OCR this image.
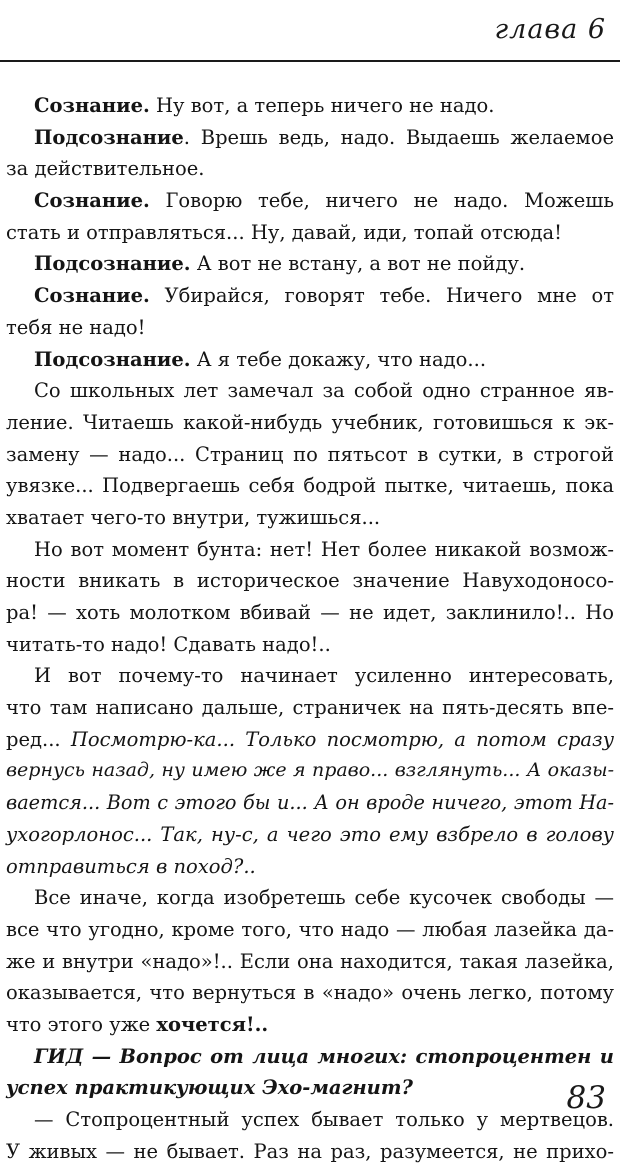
глава 6
Сознание. Ну вот, а теперь ничего не надо.
Подсознание. Врешь ведь, надо. Выдаешь желаемое
за действительное.
Сознание. Говорю тебе, ничего не надо. Можешь
стать и отправляться... Ну, давай, иди, топай отсюда!
Подсознание. А вот не встану, а вот не пойду.
Сознание. Убирайся, говорят тебе. Ничего мне от
тебя не надо!
Подсознание. А я тебе докажу, что надо...
Со школьных лет замечал за собой одно странное яв-
ление. Читаешь какой-нибудь учебник, готовишься к эк-
замену — надо... Страниц по пятьсот в сутки, в строгой
увязке... Подвергаешь себя бодрой пытке, читаешь, пока
хватает чего-то внутри, тужишься...
Но вот момент бунта: нет! Нет более никакой возмож-
ности вникать в историческое значение Навуходоносо-
ра! — хоть молотком вбивай — не идет, заклинило!.. Но
читать-то надо! Сдавать надо!..
И вот почему-то начинает усиленно интересовать,
что там написано дальше, страничек на пять-десять впе-
ред... Посмотрю-ка... Только посмотрю, а потом сразу
вернусь назад, ну имею же я право... взглянуть... А оказы-
вается... Вот с этого бы и... А он вроде ничего, этот На-
ухогорлонос... Так, ну-с, а чего это ему взбрело в голову
отправиться в поход?..
Все иначе, когда изобретешь себе кусочек свободы —
все что угодно, кроме того, что надо — любая лазейка да-
же и внутри «надо»!.. Если она находится, такая лазейка,
оказывается, что вернуться в «надо» очень легко, потому
что этого уже хочется!..
ГИД — Вопрос от лица многих: стопроцентен и
успех практикующих Эхо-магнит?
— Стопроцентный успех бывает только у мертвецов.
У живых — не бывает. Раз на раз, разумеется, не прихо-
83
